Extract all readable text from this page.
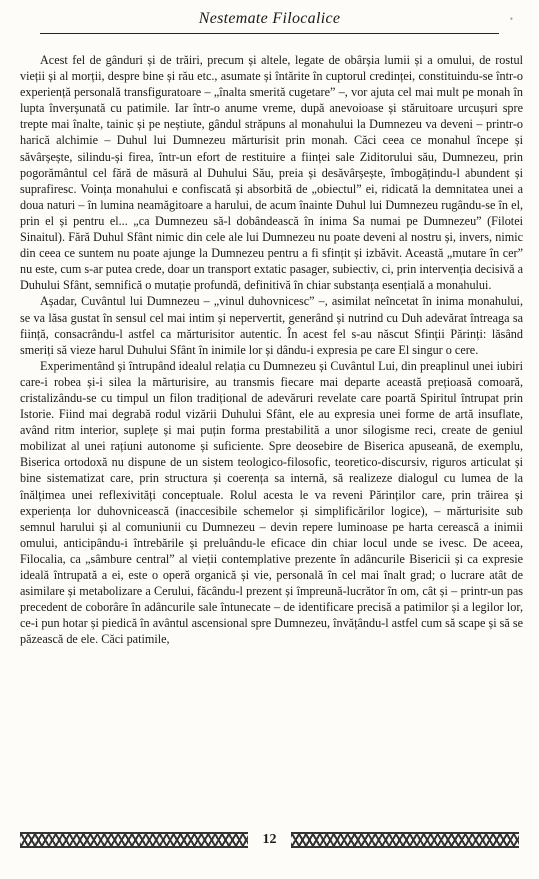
Nestemate Filocalice	•

Acest fel de gânduri și de trăiri, precum și altele, legate de obârșia lumii și a omului, de rostul vieții și al morții, despre bine și rău etc., asumate și întărite în cuptorul credinței, constituindu-se într-o experiență personală transfiguratoare – „înalta smerită cugetare” –, vor ajuta cel mai mult pe monah în lupta înverșunată cu patimile. Iar într-o anume vreme, după anevoioase și stăruitoare urcușuri spre trepte mai înalte, tainic și pe neștiute, gândul străpuns al monahului la Dumnezeu va deveni – printr-o harică alchimie – Duhul lui Dumnezeu mărturisit prin monah. Căci ceea ce monahul începe și săvârșește, silindu-și firea, într-un efort de restituire a ființei sale Ziditorului său, Dumnezeu, prin pogorământul cel fără de măsură al Duhului Său, preia și desăvârșește, îmbogățindu-l abundent și suprafiresc. Voința monahului e confiscată și absorbită de „obiectul” ei, ridicată la demnitatea unei a doua naturi – în lumina neamăgitoare a harului, de acum înainte Duhul lui Dumnezeu rugându-se în el, prin el și pentru el... „ca Dumnezeu să-l dobândească în inima Sa numai pe Dumnezeu” (Filotei Sinaitul). Fără Duhul Sfânt nimic din cele ale lui Dumnezeu nu poate deveni al nostru și, invers, nimic din ceea ce suntem nu poate ajunge la Dumnezeu pentru a fi sfințit și izbăvit. Această „mutare în cer” nu este, cum s-ar putea crede, doar un transport extatic pasager, subiectiv, ci, prin intervenția decisivă a Duhului Sfânt, semnifică o mutație profundă, definitivă în chiar substanța esențială a monahului.

Așadar, Cuvântul lui Dumnezeu – „vinul duhovnicesc” –, asimilat neîncetat în inima monahului, se va lăsa gustat în sensul cel mai intim și nepervertit, generând și nutrind cu Duh adevărat întreaga sa ființă, consacrându-l astfel ca mărturisitor autentic. În acest fel s-au născut Sfinții Părinți: lăsând smeriți să vieze harul Duhului Sfânt în inimile lor și dându-i expresia pe care El singur o cere.

Experimentând și întrupând idealul relația cu Dumnezeu și Cuvântul Lui, din preaplinul unei iubiri care-i robea și-i silea la mărturisire, au transmis fiecare mai departe această prețioasă comoară, cristalizându-se cu timpul un filon tradițional de adevăruri revelate care poartă Spiritul întrupat prin Istorie. Fiind mai degrabă rodul vizării Duhului Sfânt, ele au expresia unei forme de artă insuflate, având ritm interior, suplețe și mai puțin forma prestabilită a unor silogisme reci, create de geniul mobilizat al unei rațiuni autonome și suficiente. Spre deosebire de Biserica apuseană, de exemplu, Biserica ortodoxă nu dispune de un sistem teologico-filosofic, teoretico-discursiv, riguros articulat și bine sistematizat care, prin structura și coerența sa internă, să realizeze dialogul cu lumea de la înălțimea unei reflexivități conceptuale. Rolul acesta le va reveni Părinților care, prin trăirea și experiența lor duhovnicească (inaccesibile schemelor și simplificărilor logice), – mărturisite sub semnul harului și al comuniunii cu Dumnezeu – devin repere luminoase pe harta cerească a inimii omului, anticipându-i întrebările și preluându-le eficace din chiar locul unde se ivesc. De aceea, Filocalia, ca „sâmbure central” al vieții contemplative prezente în adâncurile Bisericii și ca expresie ideală întrupată a ei, este o operă organică și vie, personală în cel mai înalt grad; o lucrare atât de asimilare și metabolizare a Cerului, făcându-l prezent și împreună-lucrător în om, cât și – printr-un pas precedent de coborâre în adâncurile sale întunecate – de identificare precisă a patimilor și a legilor lor, ce-i pun hotar și piedică în avântul ascensional spre Dumnezeu, învățându-l astfel cum să scape și să se păzească de ele. Căci patimile,

12
